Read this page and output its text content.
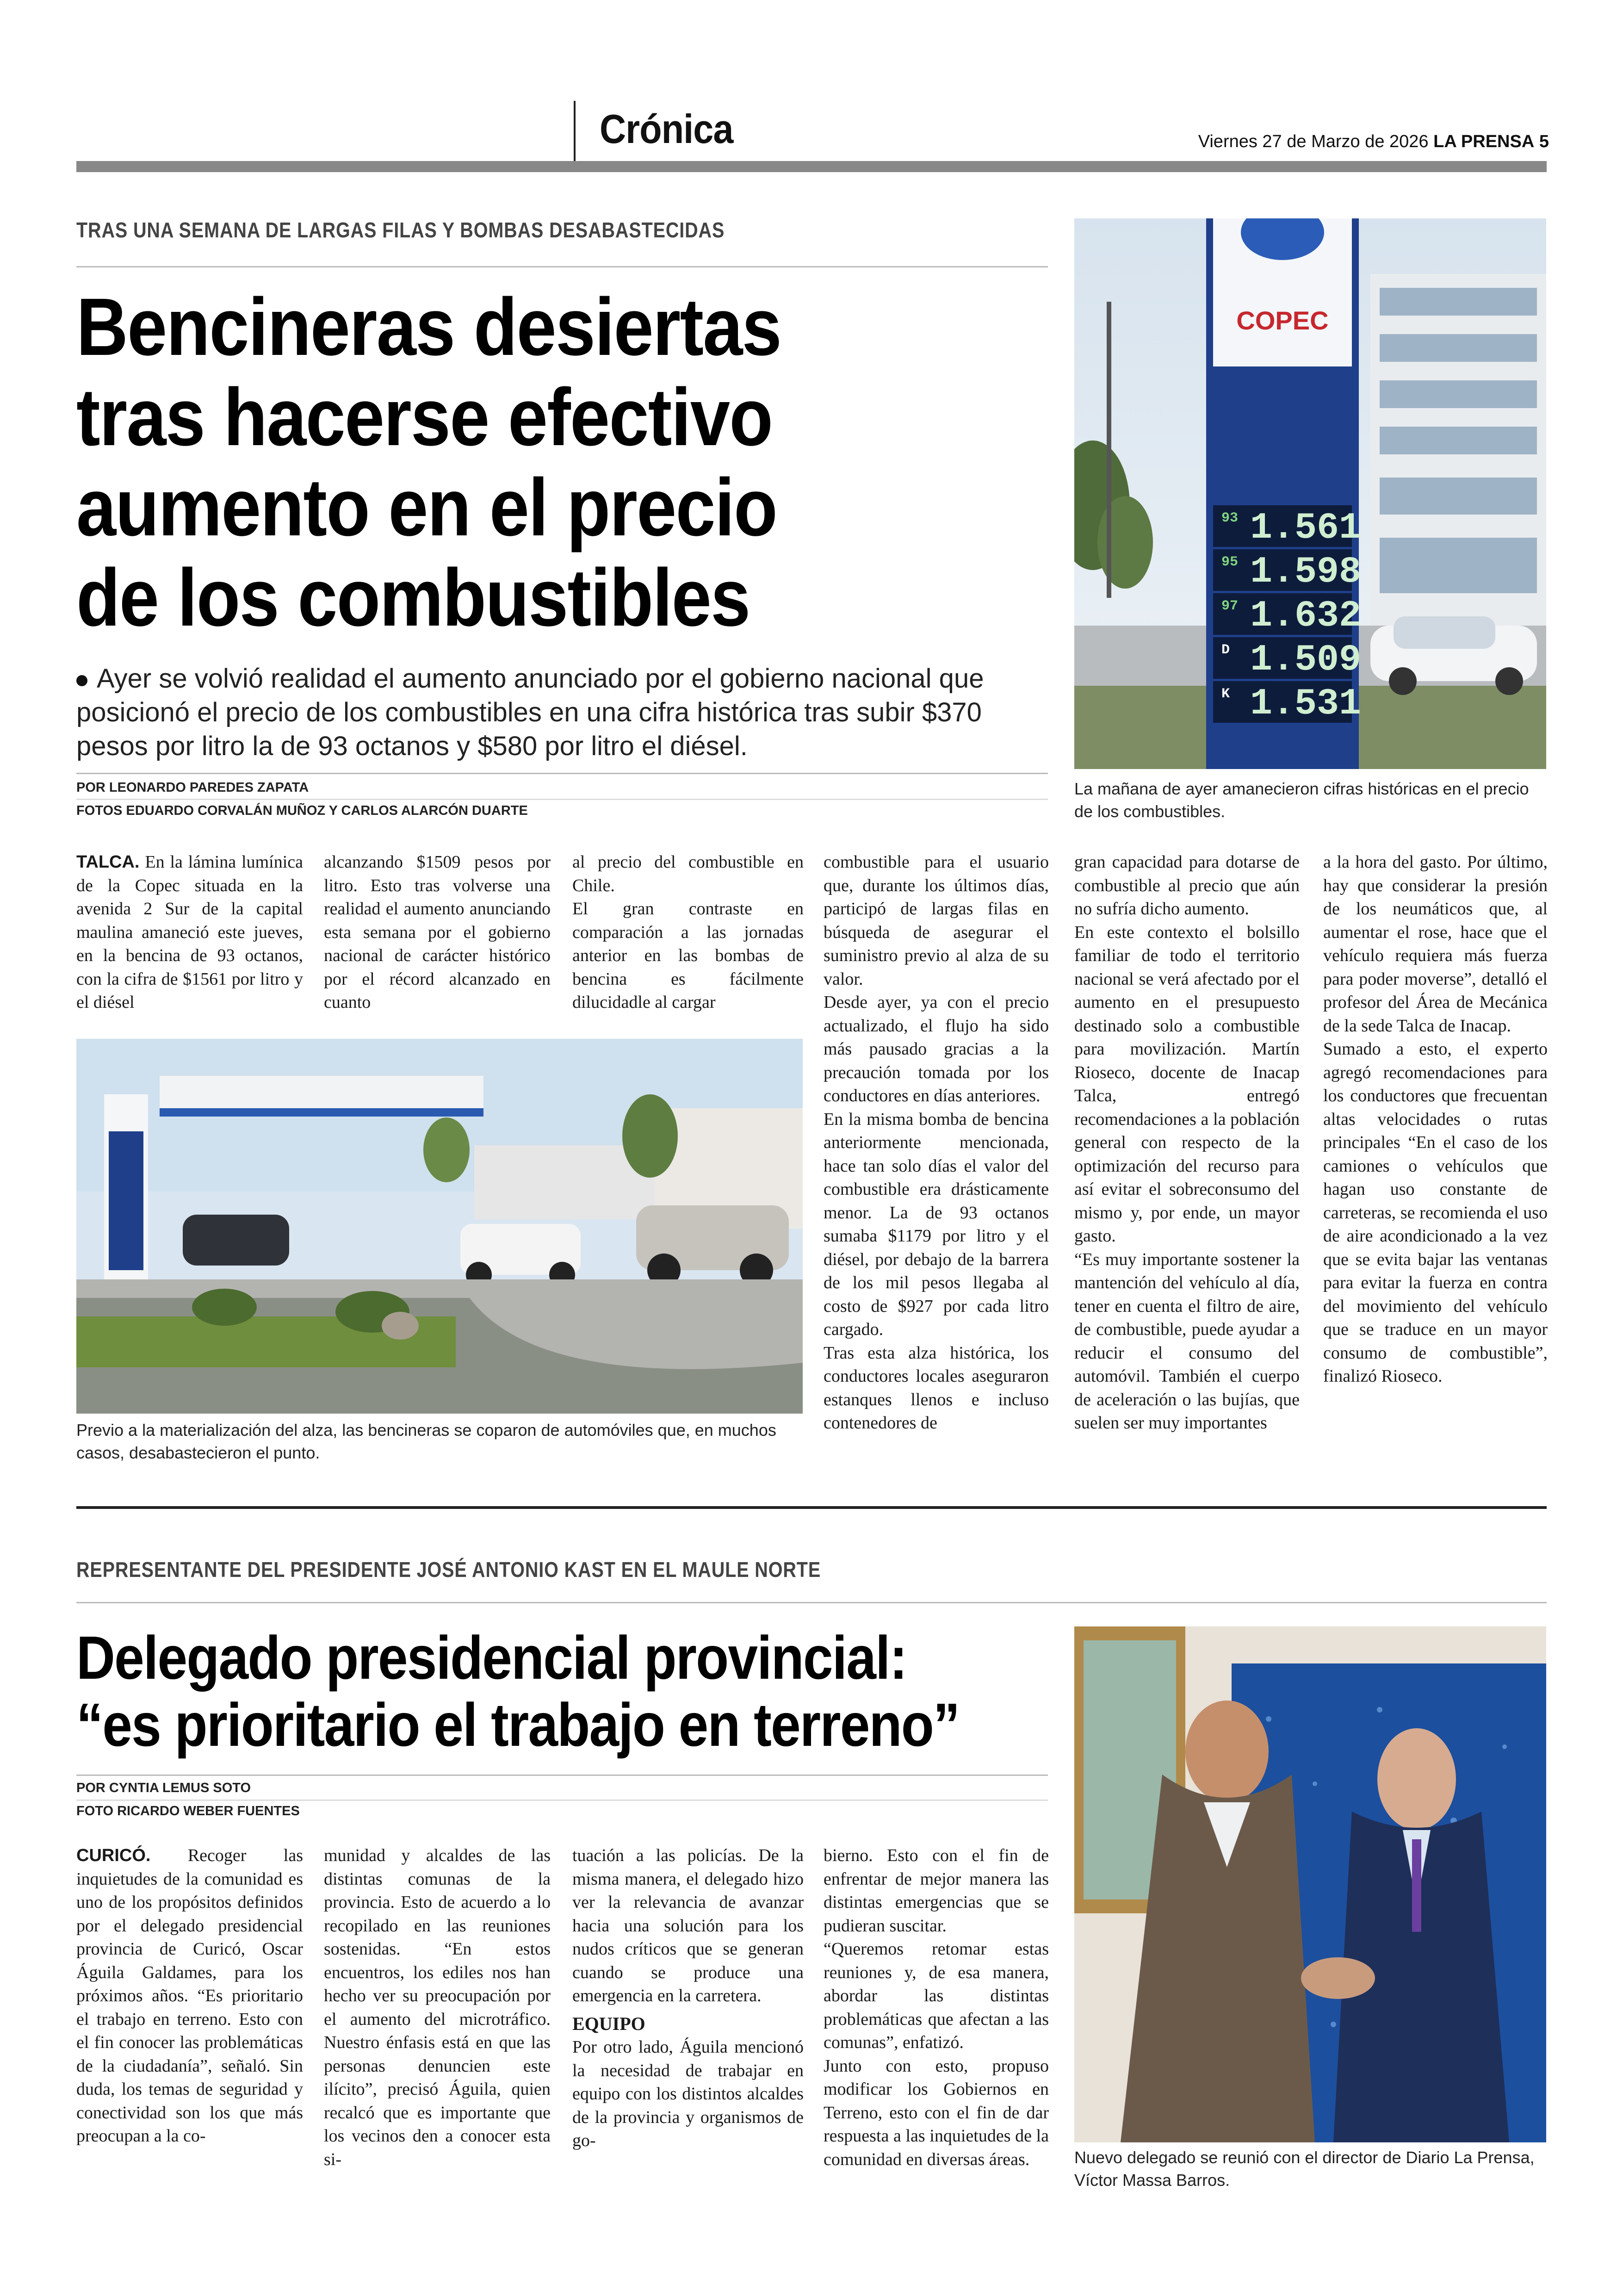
Crónica	Viernes 27 de Marzo de 2026 LA PRENSA 5
TRAS UNA SEMANA DE LARGAS FILAS Y BOMBAS DESABASTECIDAS
Bencineras desiertas
tras hacerse efectivo
aumento en el precio
de los combustibles
Ayer se volvió realidad el aumento anunciado por el gobierno nacional que posicionó el precio de los combustibles en una cifra histórica tras subir $370 pesos por litro la de 93 octanos y $580 por litro el diésel.
POR LEONARDO PAREDES ZAPATA
FOTOS EDUARDO CORVALÁN MUÑOZ Y CARLOS ALARCÓN DUARTE
COPEC
93 1.561
95 1.598
97 1.632
D 1.509
K 1.531
La mañana de ayer amanecieron cifras históricas en el precio de los combustibles.

TALCA. En la lámina lumínica de la Copec situada en la avenida 2 Sur de la capital maulina amaneció este jueves, en la bencina de 93 octanos, con la cifra de $1561 por litro y el diésel

alcanzando $1509 pesos por litro. Esto tras volverse una realidad el aumento anunciando esta semana por el gobierno nacional de carácter histórico por el récord alcanzado en cuanto

al precio del combustible en Chile.

El gran contraste en comparación a las jornadas anterior en las bombas de bencina es fácilmente dilucidadle al cargar

Previo a la materialización del alza, las bencineras se coparon de automóviles que, en muchos casos, desabastecieron el punto.

combustible para el usuario que, durante los últimos días, participó de largas filas en búsqueda de asegurar el suministro previo al alza de su valor.

Desde ayer, ya con el precio actualizado, el flujo ha sido más pausado gracias a la precaución tomada por los conductores en días anteriores.

En la misma bomba de bencina anteriormente mencionada, hace tan solo días el valor del combustible era drásticamente menor. La de 93 octanos sumaba $1179 por litro y el diésel, por debajo de la barrera de los mil pesos llegaba al costo de $927 por cada litro cargado.

Tras esta alza histórica, los conductores locales aseguraron estanques llenos e incluso contenedores de

gran capacidad para dotarse de combustible al precio que aún no sufría dicho aumento.

En este contexto el bolsillo familiar de todo el territorio nacional se verá afectado por el aumento en el presupuesto destinado solo a combustible para movilización. Martín Rioseco, docente de Inacap Talca, entregó recomendaciones a la población general con respecto de la optimización del recurso para así evitar el sobreconsumo del mismo y, por ende, un mayor gasto.

“Es muy importante sostener la mantención del vehículo al día, tener en cuenta el filtro de aire, de combustible, puede ayudar a reducir el consumo del automóvil. También el cuerpo de aceleración o las bujías, que suelen ser muy importantes

a la hora del gasto. Por último, hay que considerar la presión de los neumáticos que, al aumentar el rose, hace que el vehículo requiera más fuerza para poder moverse”, detalló el profesor del Área de Mecánica de la sede Talca de Inacap.

Sumado a esto, el experto agregó recomendaciones para los conductores que frecuentan altas velocidades o rutas principales “En el caso de los camiones o vehículos que hagan uso constante de carreteras, se recomienda el uso de aire acondicionado a la vez que se evita bajar las ventanas para evitar la fuerza en contra del movimiento del vehículo que se traduce en un mayor consumo de combustible”, finalizó Rioseco.

REPRESENTANTE DEL PRESIDENTE JOSÉ ANTONIO KAST EN EL MAULE NORTE
Delegado presidencial provincial:
“es prioritario el trabajo en terreno”
POR CYNTIA LEMUS SOTO
FOTO RICARDO WEBER FUENTES

CURICÓ. Recoger las inquietudes de la comunidad es uno de los propósitos definidos por el delegado presidencial provincia de Curicó, Oscar Águila Galdames, para los próximos años. “Es prioritario el trabajo en terreno. Esto con el fin conocer las problemáticas de la ciudadanía”, señaló. Sin duda, los temas de seguridad y conectividad son los que más preocupan a la co-

munidad y alcaldes de las distintas comunas de la provincia. Esto de acuerdo a lo recopilado en las reuniones sostenidas. “En estos encuentros, los ediles nos han hecho ver su preocupación por el aumento del microtráfico. Nuestro énfasis está en que las personas denuncien este ilícito”, precisó Águila, quien recalcó que es importante que los vecinos den a conocer esta si-

tuación a las policías. De la misma manera, el delegado hizo ver la relevancia de avanzar hacia una solución para los nudos críticos que se generan cuando se produce una emergencia en la carretera.

EQUIPO

Por otro lado, Águila mencionó la necesidad de trabajar en equipo con los distintos alcaldes de la provincia y organismos de go-

bierno. Esto con el fin de enfrentar de mejor manera las distintas emergencias que se pudieran suscitar.

“Queremos retomar estas reuniones y, de esa manera, abordar las distintas problemáticas que afectan a las comunas”, enfatizó.

Junto con esto, propuso modificar los Gobiernos en Terreno, esto con el fin de dar respuesta a las inquietudes de la comunidad en diversas áreas.	Nuevo delegado se reunió con el director de Diario La Prensa, Víctor Massa Barros.
